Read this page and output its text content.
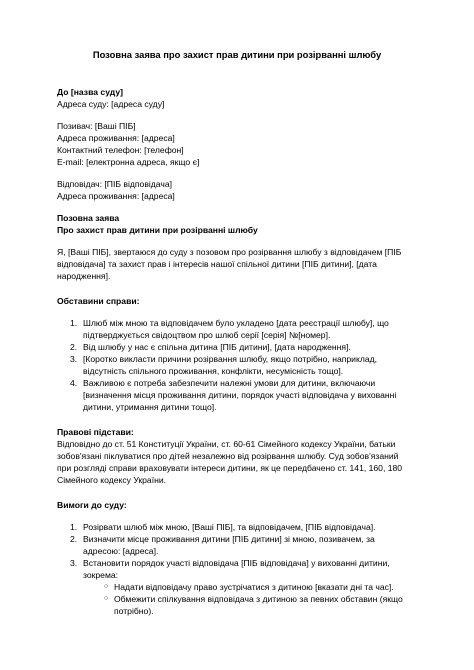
Позовна заява про захист прав дитини при розірванні шлюбу
До [назва суду]
Адреса суду: [адреса суду]
Позивач: [Ваші ПІБ]
Адреса проживання: [адреса]
Контактний телефон: [телефон]
E-mail: [електронна адреса, якщо є]
Відповідач: [ПІБ відповідача]
Адреса проживання: [адреса]
Позовна заява
Про захист прав дитини при розірванні шлюбу
Я, [Ваші ПІБ], звертаюся до суду з позовом про розірвання шлюбу з відповідачем [ПІБ
відповідача] та захист прав і інтересів нашої спільної дитини [ПІБ дитини], [дата
народження].
Обставини справи:
1. Шлюб між мною та відповідачем було укладено [дата реєстрації шлюбу], що
підтверджується свідоцтвом про шлюб серії [серія] №[номер].
2. Від шлюбу у нас є спільна дитина [ПІБ дитини], [дата народження].
3. [Коротко викласти причини розірвання шлюбу, якщо потрібно, наприклад,
відсутність спільного проживання, конфлікти, несумісність тощо].
4. Важливою є потреба забезпечити належні умови для дитини, включаючи
[визначення місця проживання дитини, порядок участі відповідача у вихованні
дитини, утримання дитини тощо].
Правові підстави:
Відповідно до ст. 51 Конституції України, ст. 60-61 Сімейного кодексу України, батьки
зобов'язані піклуватися про дітей незалежно від розірвання шлюбу. Суд зобов'язаний
при розгляді справи враховувати інтереси дитини, як це передбачено ст. 141, 160, 180
Сімейного кодексу України.
Вимоги до суду:
1. Розірвати шлюб між мною, [Ваші ПІБ], та відповідачем, [ПІБ відповідача].
2. Визначити місце проживання дитини [ПІБ дитини] зі мною, позивачем, за
адресою: [адреса].
3. Встановити порядок участі відповідача [ПІБ відповідача] у вихованні дитини,
зокрема:
○ Надати відповідачу право зустрічатися з дитиною [вказати дні та час].
○ Обмежити спілкування відповідача з дитиною за певних обставин (якщо
потрібно).
